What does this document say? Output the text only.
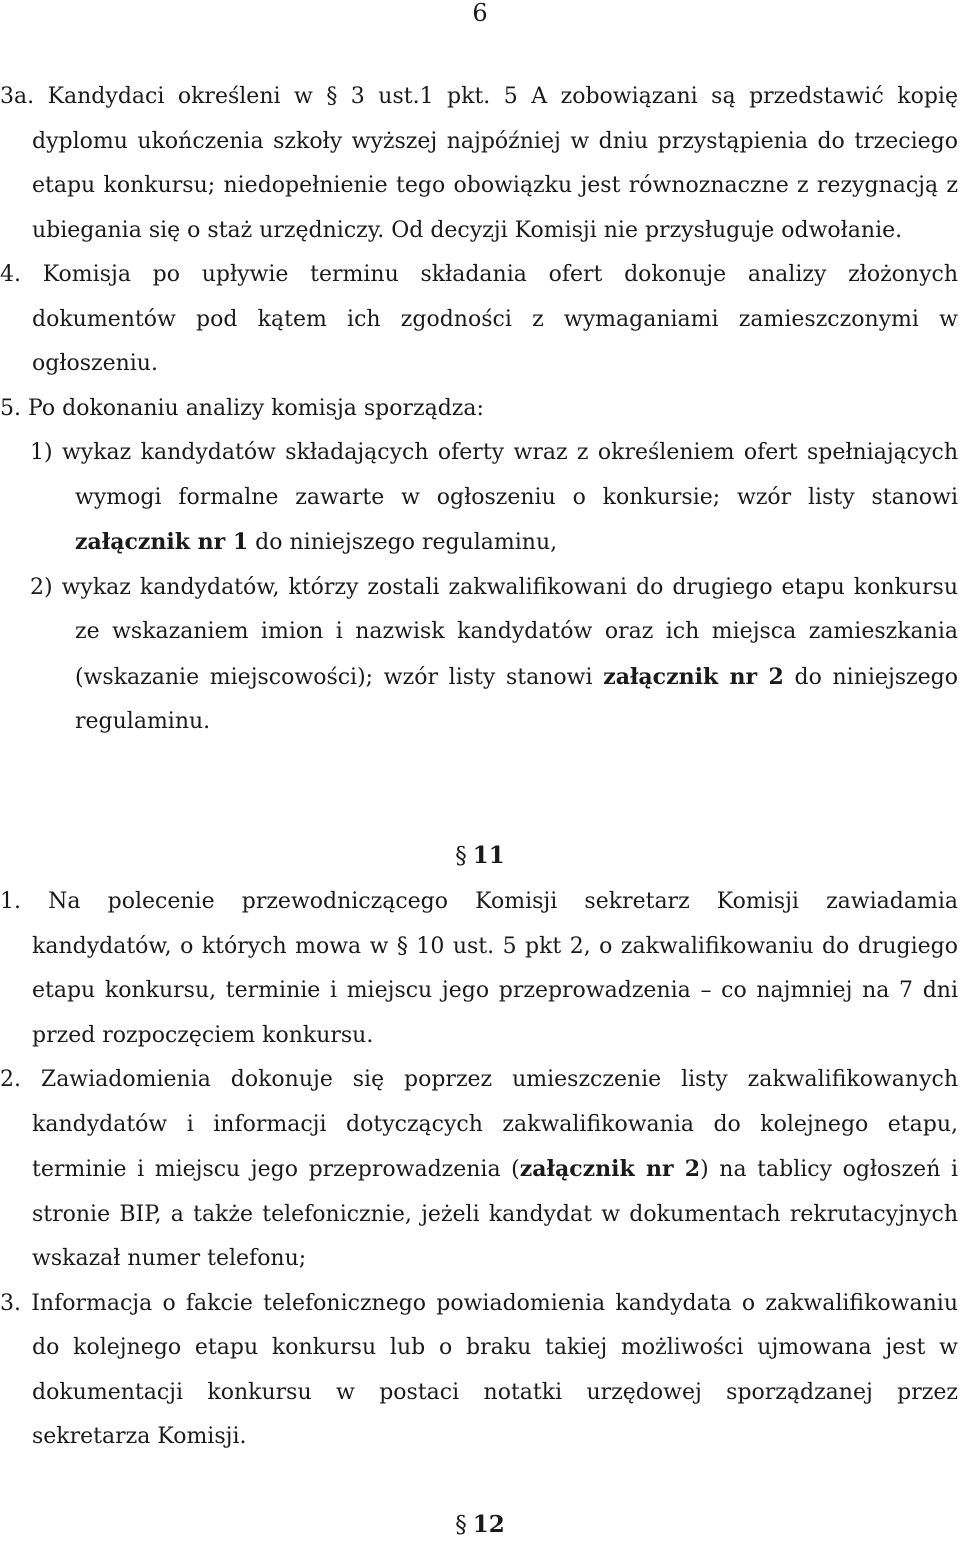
6

3a. Kandydaci określeni w § 3 ust.1 pkt. 5 A zobowiązani są przedstawić kopię dyplomu ukończenia szkoły wyższej najpóźniej w dniu przystąpienia do trzeciego etapu konkursu; niedopełnienie tego obowiązku jest równoznaczne z rezygnacją z ubiegania się o staż urzędniczy. Od decyzji Komisji nie przysługuje odwołanie.

4. Komisja po upływie terminu składania ofert dokonuje analizy złożonych dokumentów pod kątem ich zgodności z wymaganiami zamieszczonymi w ogłoszeniu.

5. Po dokonaniu analizy komisja sporządza:

1) wykaz kandydatów składających oferty wraz z określeniem ofert spełniających wymogi formalne zawarte w ogłoszeniu o konkursie; wzór listy stanowi załącznik nr 1 do niniejszego regulaminu,

2) wykaz kandydatów, którzy zostali zakwalifikowani do drugiego etapu konkursu ze wskazaniem imion i nazwisk kandydatów oraz ich miejsca zamieszkania (wskazanie miejscowości); wzór listy stanowi załącznik nr 2 do niniejszego regulaminu.

§ 11

1. Na polecenie przewodniczącego Komisji sekretarz Komisji zawiadamia kandydatów, o których mowa w § 10 ust. 5 pkt 2, o zakwalifikowaniu do drugiego etapu konkursu, terminie i miejscu jego przeprowadzenia – co najmniej na 7 dni przed rozpoczęciem konkursu.

2. Zawiadomienia dokonuje się poprzez umieszczenie listy zakwalifikowanych kandydatów i informacji dotyczących zakwalifikowania do kolejnego etapu, terminie i miejscu jego przeprowadzenia (załącznik nr 2) na tablicy ogłoszeń i stronie BIP, a także telefonicznie, jeżeli kandydat w dokumentach rekrutacyjnych wskazał numer telefonu;

3. Informacja o fakcie telefonicznego powiadomienia kandydata o zakwalifikowaniu do kolejnego etapu konkursu lub o braku takiej możliwości ujmowana jest w dokumentacji konkursu w postaci notatki urzędowej sporządzanej przez sekretarza Komisji.

§ 12
